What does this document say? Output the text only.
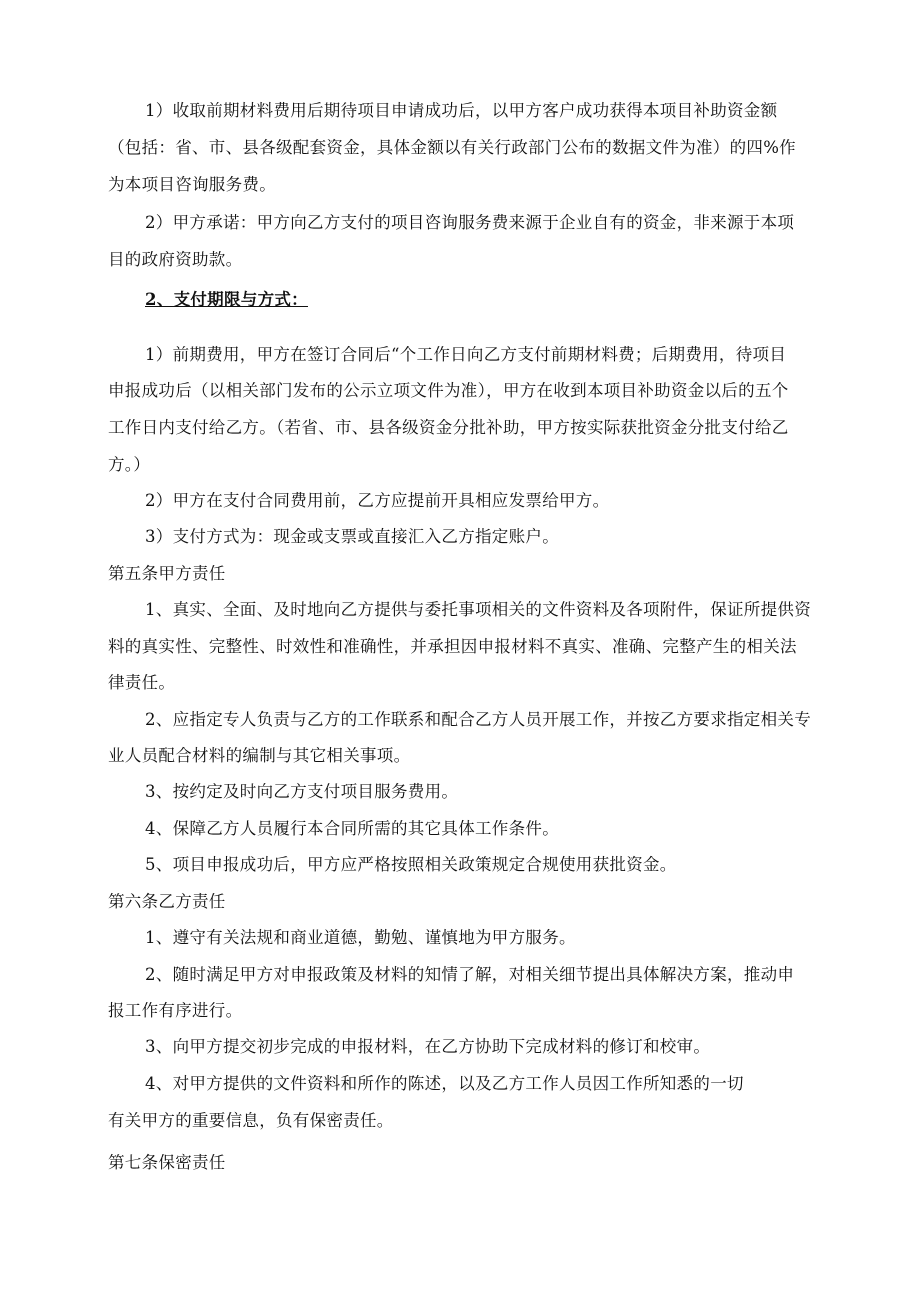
1）收取前期材料费用后期待项目申请成功后，以甲方客户成功获得本项目补助资金额
（包括：省、市、县各级配套资金，具体金额以有关行政部门公布的数据文件为准）的四%作
为本项目咨询服务费。
2）甲方承诺：甲方向乙方支付的项目咨询服务费来源于企业自有的资金，非来源于本项
目的政府资助款。
2、支付期限与方式：
1）前期费用，甲方在签订合同后“个工作日向乙方支付前期材料费；后期费用，待项目
申报成功后（以相关部门发布的公示立项文件为准），甲方在收到本项目补助资金以后的五个
工作日内支付给乙方。（若省、市、县各级资金分批补助，甲方按实际获批资金分批支付给乙
方。）
2）甲方在支付合同费用前，乙方应提前开具相应发票给甲方。
3）支付方式为：现金或支票或直接汇入乙方指定账户。
第五条甲方责任
1、真实、全面、及时地向乙方提供与委托事项相关的文件资料及各项附件，保证所提供资
料的真实性、完整性、时效性和准确性，并承担因申报材料不真实、准确、完整产生的相关法
律责任。
2、应指定专人负责与乙方的工作联系和配合乙方人员开展工作，并按乙方要求指定相关专
业人员配合材料的编制与其它相关事项。
3、按约定及时向乙方支付项目服务费用。
4、保障乙方人员履行本合同所需的其它具体工作条件。
5、项目申报成功后，甲方应严格按照相关政策规定合规使用获批资金。
第六条乙方责任
1、遵守有关法规和商业道德，勤勉、谨慎地为甲方服务。
2、随时满足甲方对申报政策及材料的知情了解，对相关细节提出具体解决方案，推动申
报工作有序进行。
3、向甲方提交初步完成的申报材料，在乙方协助下完成材料的修订和校审。
4、对甲方提供的文件资料和所作的陈述，以及乙方工作人员因工作所知悉的一切
有关甲方的重要信息，负有保密责任。
第七条保密责任
